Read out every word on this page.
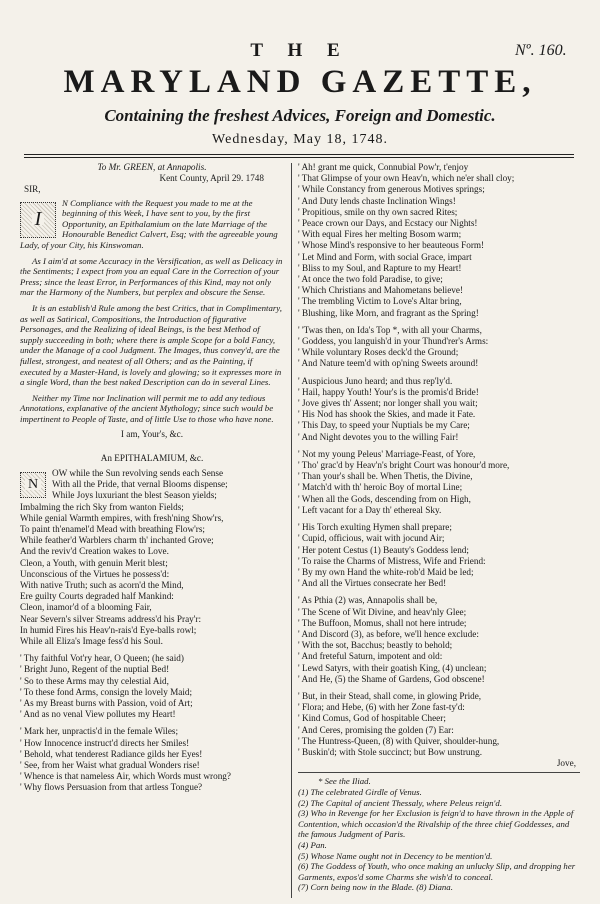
T H E	Nº. 160.
MARYLAND GAZETTE,
Containing the freshest Advices, Foreign and Domestic.
Wednesday, May 18, 1748.
To Mr. GREEN, at Annapolis.
Kent County, April 29. 1748
SIR,
I
N Compliance with the Request you made to me at the beginning of this Week, I have sent to you, by the first Opportunity, an Epithalamium on the late Marriage of the Honourable Benedict Calvert, Esq; with the agreeable young Lady, of your City, his Kinswoman.
As I aim'd at some Accuracy in the Versification, as well as Delicacy in the Sentiments; I expect from you an equal Care in the Correction of your Press; since the least Error, in Performances of this Kind, may not only mar the Harmony of the Numbers, but perplex and obscure the Sense.
It is an establish'd Rule among the best Critics, that in Complimentary, as well as Satirical, Compositions, the Introduction of figurative Personages, and the Realizing of ideal Beings, is the best Method of supply succeeding in both; where there is ample Scope for a bold Fancy, under the Manage of a cool Judgment. The Images, thus convey'd, are the fullest, strongest, and neatest of all Others; and as the Painting, if executed by a Master-Hand, is lovely and glowing; so it expresses more in a single Word, than the best naked Description can do in several Lines.
Neither my Time nor Inclination will permit me to add any tedious Annotations, explanative of the ancient Mythology; since such would be impertinent to People of Taste, and of little Use to those who have none.
I am, Your's, &c.
An EPITHALAMIUM, &c.
N
OW while the Sun revolving sends each Sense
With all the Pride, that vernal Blooms dispense;
While Joys luxuriant the blest Season yields;
Imbalming the rich Sky from wanton Fields;
While genial Warmth empires, with fresh'ning Show'rs,
To paint th'enamel'd Mead with breathing Flow'rs;
While feather'd Warblers charm th' inchanted Grove;
And the reviv'd Creation wakes to Love.
Cleon, a Youth, with genuin Merit blest;
Unconscious of the Virtues he possess'd:
With native Truth; such as acorn'd the Mind,
Ere guilty Courts degraded half Mankind:
Cleon, inamor'd of a blooming Fair,
Near Severn's silver Streams address'd his Pray'r:
In humid Fires his Heav'n-rais'd Eye-balls rowl;
While all Eliza's Image fess'd his Soul.
' Thy faithful Vot'ry hear, O Queen; (he said)
' Bright Juno, Regent of the nuptial Bed!
' So to these Arms may thy celestial Aid,
' To these fond Arms, consign the lovely Maid;
' As my Breast burns with Passion, void of Art;
' And as no venal View pollutes my Heart!
' Mark her, unpractis'd in the female Wiles;
' How Innocence instruct'd directs her Smiles!
' Behold, what tenderest Radiance gilds her Eyes!
' See, from her Waist what gradual Wonders rise!
' Whence is that nameless Air, which Words must wrong?
' Why flows Persuasion from that artless Tongue?
' Ah! grant me quick, Connubial Pow'r, t'enjoy
' That Glimpse of your own Heav'n, which ne'er shall cloy;
' While Constancy from generous Motives springs;
' And Duty lends chaste Inclination Wings!
' Propitious, smile on thy own sacred Rites;
' Peace crown our Days, and Ecstacy our Nights!
' With equal Fires her melting Bosom warm;
' Whose Mind's responsive to her beauteous Form!
' Let Mind and Form, with social Grace, impart
' Bliss to my Soul, and Rapture to my Heart!
' At once the two fold Paradise, to give;
' Which Christians and Mahometans believe!
' The trembling Victim to Love's Altar bring,
' Blushing, like Morn, and fragrant as the Spring!
' 'Twas then, on Ida's Top *, with all your Charms,
' Goddess, you languish'd in your Thund'rer's Arms:
' While voluntary Roses deck'd the Ground;
' And Nature teem'd with op'ning Sweets around!
' Auspicious Juno heard; and thus rep'ly'd.
' Hail, happy Youth! Your's is the promis'd Bride!
' Jove gives th' Assent; nor longer shall you wait;
' His Nod has shook the Skies, and made it Fate.
' This Day, to speed your Nuptials be my Care;
' And Night devotes you to the willing Fair!
' Not my young Peleus' Marriage-Feast, of Yore,
' Tho' grac'd by Heav'n's bright Court was honour'd more,
' Than your's shall be. When Thetis, the Divine,
' Match'd with th' heroic Boy of mortal Line;
' When all the Gods, descending from on High,
' Left vacant for a Day th' ethereal Sky.
' His Torch exulting Hymen shall prepare;
' Cupid, officious, wait with jocund Air;
' Her potent Cestus (1) Beauty's Goddess lend;
' To raise the Charms of Mistress, Wife and Friend:
' By my own Hand the white-rob'd Maid be led;
' And all the Virtues consecrate her Bed!
' As Pthia (2) was, Annapolis shall be,
' The Scene of Wit Divine, and heav'nly Glee;
' The Buffoon, Momus, shall not here intrude;
' And Discord (3), as before, we'll hence exclude:
' With the sot, Bacchus; beastly to behold;
' And freteful Saturn, impotent and old:
' Lewd Satyrs, with their goatish King, (4) unclean;
' And He, (5) the Shame of Gardens, God obscene!
' But, in their Stead, shall come, in glowing Pride,
' Flora; and Hebe, (6) with her Zone fast-ty'd:
' Kind Comus, God of hospitable Cheer;
' And Ceres, promising the golden (7) Ear:
' The Huntress-Queen, (8) with Quiver, shoulder-hung,
' Buskin'd; with Stole succinct; but Bow unstrung.
Jove,
* See the Iliad.
(1) The celebrated Girdle of Venus.
(2) The Capital of ancient Thessaly, where Peleus reign'd.
(3) Who in Revenge for her Exclusion is feign'd to have thrown in the Apple of Contention, which occasion'd the Rivalship of the three chief Goddesses, and the famous Judgment of Paris.
(4) Pan.
(5) Whose Name ought not in Decency to be mention'd.
(6) The Goddess of Youth, who once making an unlucky Slip, and dropping her Garments, expos'd some Charms she wish'd to conceal.
(7) Corn being now in the Blade. (8) Diana.
